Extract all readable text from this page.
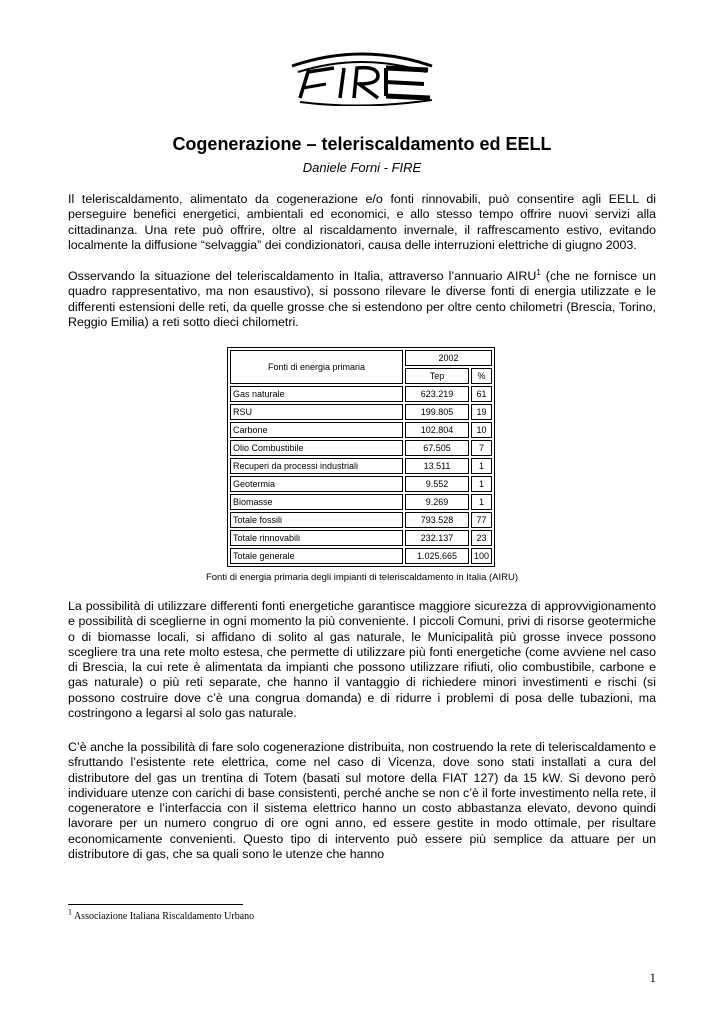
Cogenerazione – teleriscaldamento ed EELL
Daniele Forni - FIRE

Il teleriscaldamento, alimentato da cogenerazione e/o fonti rinnovabili, può consentire agli EELL di perseguire benefici energetici, ambientali ed economici, e allo stesso tempo offrire nuovi servizi alla cittadinanza. Una rete può offrire, oltre al riscaldamento invernale, il raffrescamento estivo, evitando localmente la diffusione “selvaggia” dei condizionatori, causa delle interruzioni elettriche di giugno 2003.

Osservando la situazione del teleriscaldamento in Italia, attraverso l’annuario AIRU$^1$ (che ne fornisce un quadro rappresentativo, ma non esaustivo), si possono rilevare le diverse fonti di energia utilizzate e le differenti estensioni delle reti, da quelle grosse che si estendono per oltre cento chilometri (Brescia, Torino, Reggio Emilia) a reti sotto dieci chilometri.

Fonti di energia primaria	2002	
	Tep	%
Gas naturale	623.219	61
RSU	199.805	19
Carbone	102.804	10
Olio Combustibile	67.505	7
Recuperi da processi industriali	13.511	1
Geotermia	9.552	1
Biomasse	9.269	1
Totale fossili	793.528	77
Totale rinnovabili	232.137	23
Totale generale	1.025.665	100
Fonti di energia primaria degli impianti di teleriscaldamento in Italia (AIRU)

La possibilità di utilizzare differenti fonti energetiche garantisce maggiore sicurezza di approvvigionamento e possibilità di sceglierne in ogni momento la più conveniente. I piccoli Comuni, privi di risorse geotermiche o di biomasse locali, si affidano di solito al gas naturale, le Municipalità più grosse invece possono scegliere tra una rete molto estesa, che permette di utilizzare più fonti energetiche (come avviene nel caso di Brescia, la cui rete è alimentata da impianti che possono utilizzare rifiuti, olio combustibile, carbone e gas naturale) o più reti separate, che hanno il vantaggio di richiedere minori investimenti e rischi (si possono costruire dove c’è una congrua domanda) e di ridurre i problemi di posa delle tubazioni, ma costringono a legarsi al solo gas naturale.

C’è anche la possibilità di fare solo cogenerazione distribuita, non costruendo la rete di teleriscaldamento e sfruttando l’esistente rete elettrica, come nel caso di Vicenza, dove sono stati installati a cura del distributore del gas un trentina di Totem (basati sul motore della FIAT 127) da 15 kW. Si devono però individuare utenze con carichi di base consistenti, perché anche se non c’è il forte investimento nella rete, il cogeneratore e l’interfaccia con il sistema elettrico hanno un costo abbastanza elevato, devono quindi lavorare per un numero congruo di ore ogni anno, ed essere gestite in modo ottimale, per risultare economicamente convenienti. Questo tipo di intervento può essere più semplice da attuare per un distributore di gas, che sa quali sono le utenze che hanno

$^1$ Associazione Italiana Riscaldamento Urbano
1
